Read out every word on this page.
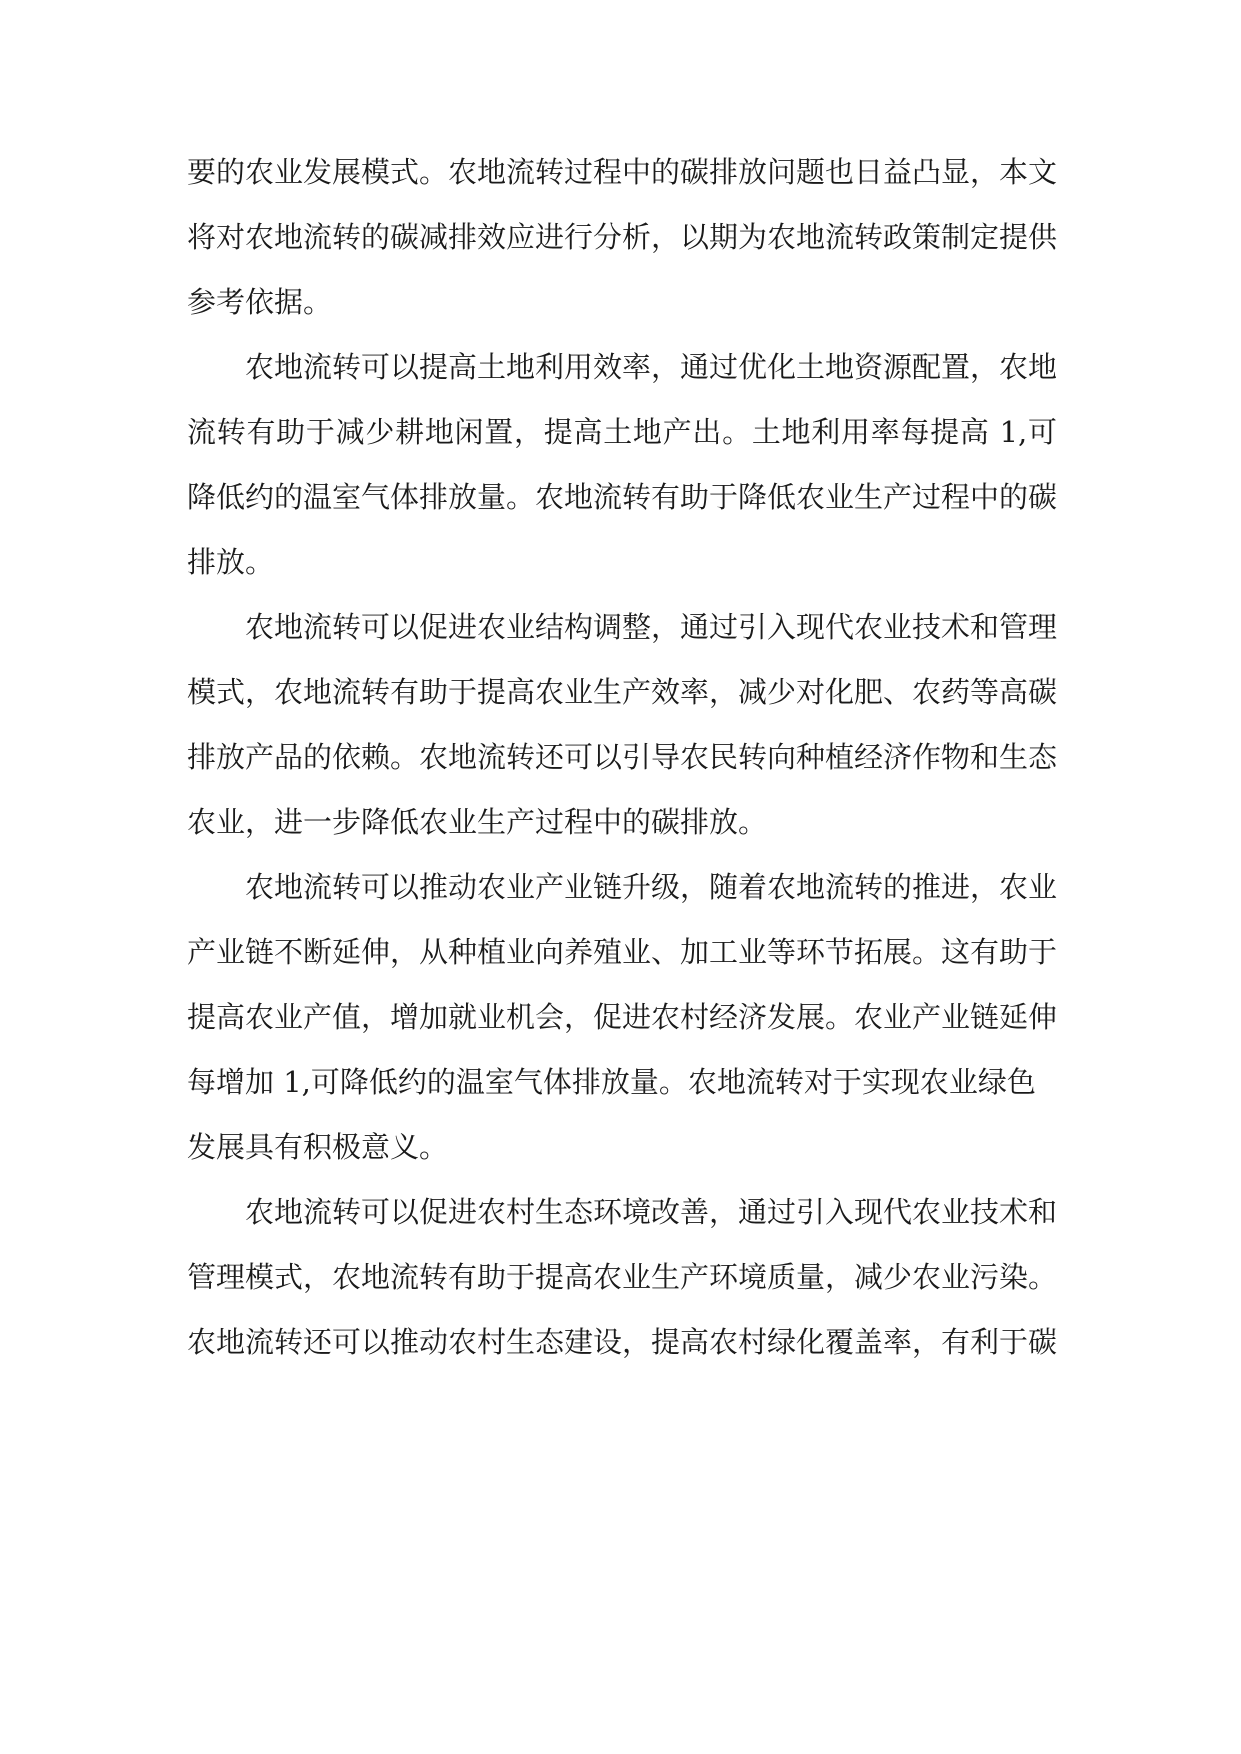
要的农业发展模式。农地流转过程中的碳排放问题也日益凸显，本文
将对农地流转的碳减排效应进行分析，以期为农地流转政策制定提供
参考依据。
农地流转可以提高土地利用效率，通过优化土地资源配置，农地
流转有助于减少耕地闲置，提高土地产出。土地利用率每提高 1,可
降低约的温室气体排放量。农地流转有助于降低农业生产过程中的碳
排放。
农地流转可以促进农业结构调整，通过引入现代农业技术和管理
模式，农地流转有助于提高农业生产效率，减少对化肥、农药等高碳
排放产品的依赖。农地流转还可以引导农民转向种植经济作物和生态
农业，进一步降低农业生产过程中的碳排放。
农地流转可以推动农业产业链升级，随着农地流转的推进，农业
产业链不断延伸，从种植业向养殖业、加工业等环节拓展。这有助于
提高农业产值，增加就业机会，促进农村经济发展。农业产业链延伸
每增加 1,可降低约的温室气体排放量。农地流转对于实现农业绿色
发展具有积极意义。
农地流转可以促进农村生态环境改善，通过引入现代农业技术和
管理模式，农地流转有助于提高农业生产环境质量，减少农业污染。
农地流转还可以推动农村生态建设，提高农村绿化覆盖率，有利于碳
